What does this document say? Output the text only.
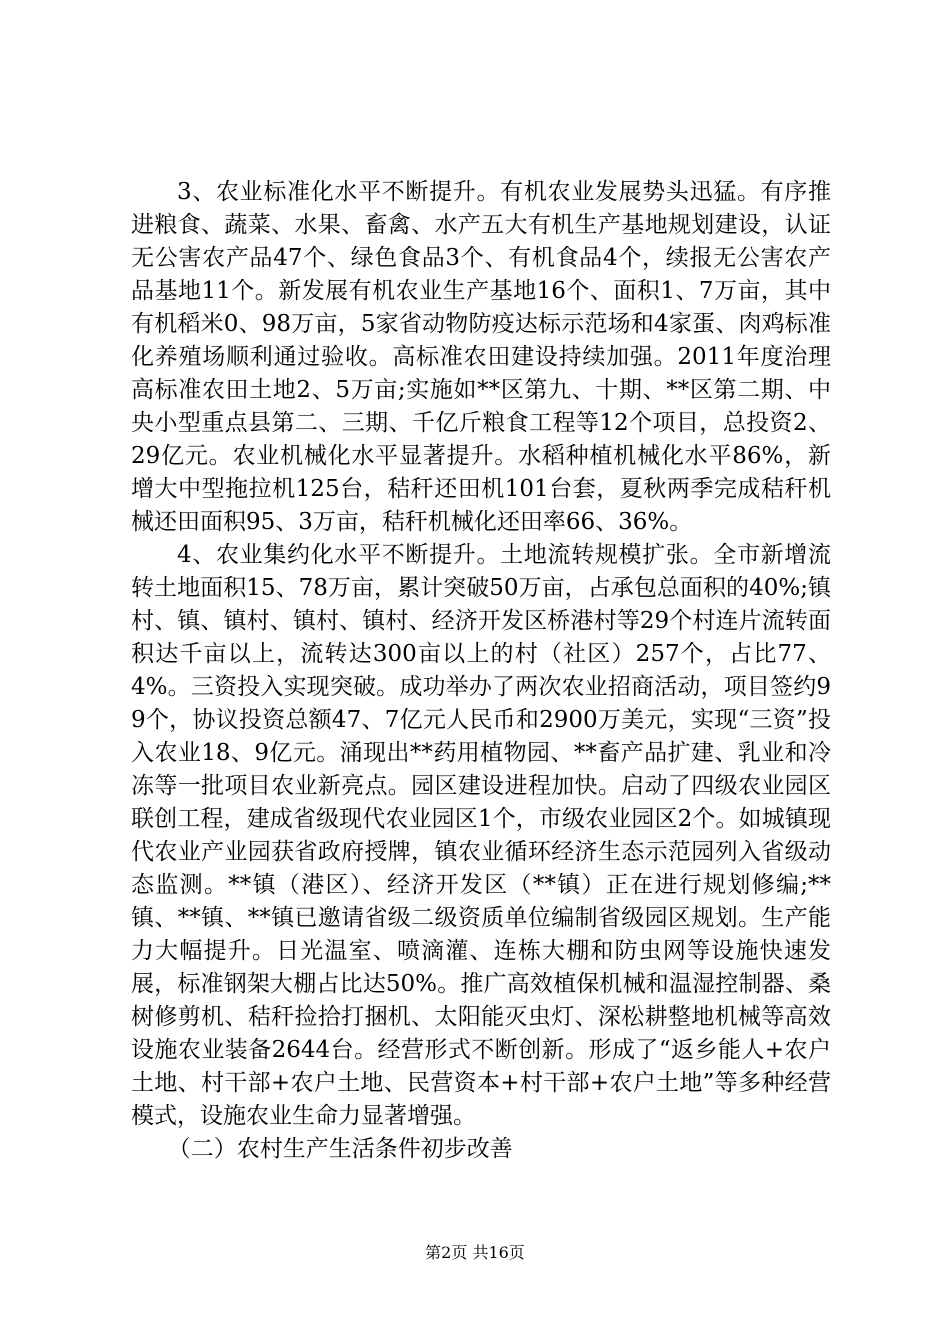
3、农业标准化水平不断提升。有机农业发展势头迅猛。有序推进粮食、蔬菜、水果、畜禽、水产五大有机生产基地规划建设，认证无公害农产品47个、绿色食品3个、有机食品4个，续报无公害农产品基地11个。新发展有机农业生产基地16个、面积1、7万亩，其中有机稻米0、98万亩，5家省动物防疫达标示范场和4家蛋、肉鸡标准化养殖场顺利通过验收。高标准农田建设持续加强。2011年度治理高标准农田土地2、5万亩;实施如**区第九、十期、**区第二期、中央小型重点县第二、三期、千亿斤粮食工程等12个项目，总投资2、29亿元。农业机械化水平显著提升。水稻种植机械化水平86%，新增大中型拖拉机125台，秸秆还田机101台套，夏秋两季完成秸秆机械还田面积95、3万亩，秸秆机械化还田率66、36%。

4、农业集约化水平不断提升。土地流转规模扩张。全市新增流转土地面积15、78万亩，累计突破50万亩，占承包总面积的40%;镇村、镇、镇村、镇村、镇村、经济开发区桥港村等29个村连片流转面积达千亩以上，流转达300亩以上的村（社区）257个，占比77、4%。三资投入实现突破。成功举办了两次农业招商活动，项目签约99个，协议投资总额47、7亿元人民币和2900万美元，实现“三资”投入农业18、9亿元。涌现出**药用植物园、**畜产品扩建、乳业和冷冻等一批项目农业新亮点。园区建设进程加快。启动了四级农业园区联创工程，建成省级现代农业园区1个，市级农业园区2个。如城镇现代农业产业园获省政府授牌，镇农业循环经济生态示范园列入省级动态监测。**镇（港区）、经济开发区（**镇）正在进行规划修编;**镇、**镇、**镇已邀请省级二级资质单位编制省级园区规划。生产能力大幅提升。日光温室、喷滴灌、连栋大棚和防虫网等设施快速发展，标准钢架大棚占比达50%。推广高效植保机械和温湿控制器、桑树修剪机、秸秆捡拾打捆机、太阳能灭虫灯、深松耕整地机械等高效设施农业装备2644台。经营形式不断创新。形成了“返乡能人+农户土地、村干部+农户土地、民营资本+村干部+农户土地”等多种经营模式，设施农业生命力显著增强。

（二）农村生产生活条件初步改善

第2页 共16页
